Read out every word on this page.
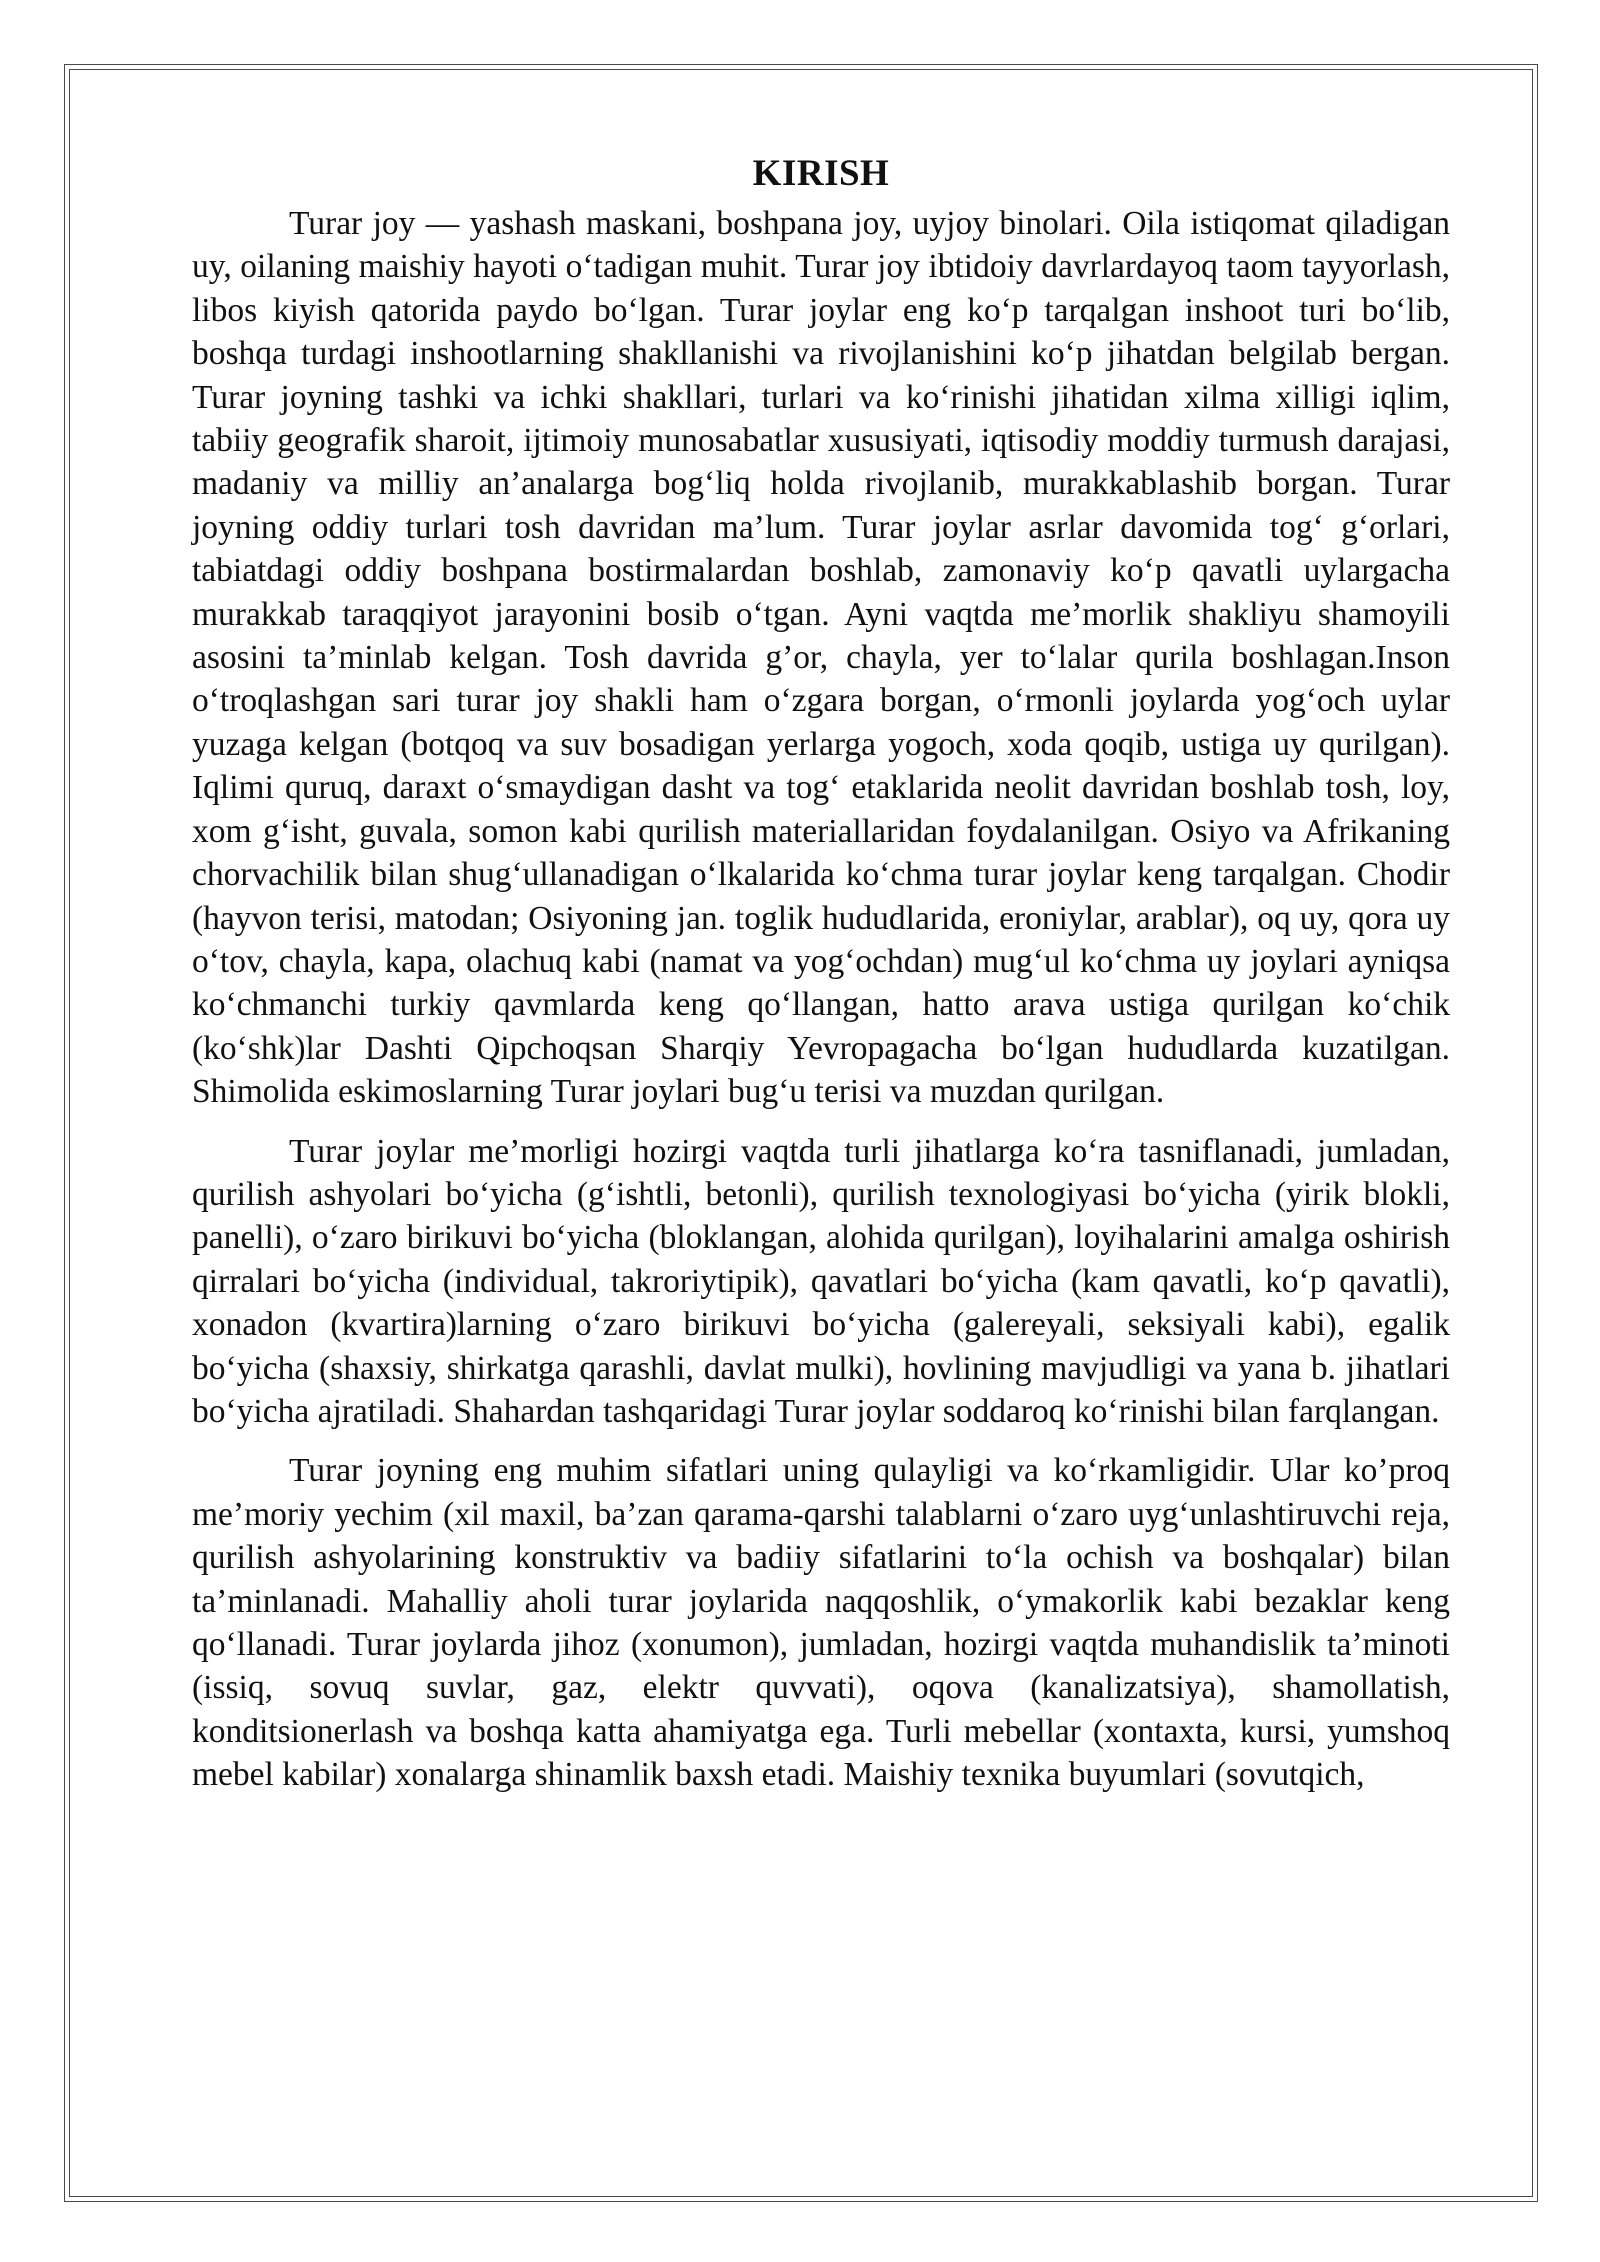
KIRISH

Turar joy — yashash maskani, boshpana joy, uyjoy binolari. Oila istiqomat qiladigan uy, oilaning maishiy hayoti oʻtadigan muhit. Turar joy ibtidoiy davrlardayoq taom tayyorlash, libos kiyish qatorida paydo boʻlgan. Turar joylar eng koʻp tarqalgan inshoot turi boʻlib, boshqa turdagi inshootlarning shakllanishi va rivojlanishini koʻp jihatdan belgilab bergan. Turar joyning tashki va ichki shakllari, turlari va koʻrinishi jihatidan xilma xilligi iqlim, tabiiy geografik sharoit, ijtimoiy munosabatlar xususiyati, iqtisodiy moddiy turmush darajasi, madaniy va milliy an’analarga bogʻliq holda rivojlanib, murakkablashib borgan. Turar joyning oddiy turlari tosh davridan ma’lum. Turar joylar asrlar davomida togʻ gʻorlari, tabiatdagi oddiy boshpana bostirmalardan boshlab, zamonaviy koʻp qavatli uylargacha murakkab taraqqiyot jarayonini bosib oʻtgan. Ayni vaqtda me’morlik shakliyu shamoyili asosini ta’minlab kelgan. Tosh davrida g’or, chayla, yer toʻlalar qurila boshlagan.Inson oʻtroqlashgan sari turar joy shakli ham oʻzgara borgan, oʻrmonli joylarda yogʻoch uylar yuzaga kelgan (botqoq va suv bosadigan yerlarga yogoch, xoda qoqib, ustiga uy qurilgan). Iqlimi quruq, daraxt oʻsmaydigan dasht va togʻ etaklarida neolit davridan boshlab tosh, loy, xom gʻisht, guvala, somon kabi qurilish materiallaridan foydalanilgan. Osiyo va Afrikaning chorvachilik bilan shugʻullanadigan oʻlkalarida koʻchma turar joylar keng tarqalgan. Chodir (hayvon terisi, matodan; Osiyoning jan. toglik hududlarida, eroniylar, arablar), oq uy, qora uy oʻtov, chayla, kapa, olachuq kabi (namat va yogʻochdan) mugʻul koʻchma uy joylari ayniqsa koʻchmanchi turkiy qavmlarda keng qoʻllangan, hatto arava ustiga qurilgan koʻchik (koʻshk)lar Dashti Qipchoqsan Sharqiy Yevropagacha boʻlgan hududlarda kuzatilgan. Shimolida eskimoslarning Turar joylari bugʻu terisi va muzdan qurilgan.

Turar joylar me’morligi hozirgi vaqtda turli jihatlarga koʻra tasniflanadi, jumladan, qurilish ashyolari boʻyicha (gʻishtli, betonli), qurilish texnologiyasi boʻyicha (yirik blokli, panelli), oʻzaro birikuvi boʻyicha (bloklangan, alohida qurilgan), loyihalarini amalga oshirish qirralari boʻyicha (individual, takroriytipik), qavatlari boʻyicha (kam qavatli, koʻp qavatli), xonadon (kvartira)larning oʻzaro birikuvi boʻyicha (galereyali, seksiyali kabi), egalik boʻyicha (shaxsiy, shirkatga qarashli, davlat mulki), hovlining mavjudligi va yana b. jihatlari boʻyicha ajratiladi. Shahardan tashqaridagi Turar joylar soddaroq koʻrinishi bilan farqlangan.

Turar joyning eng muhim sifatlari uning qulayligi va koʻrkamligidir. Ular ko’proq me’moriy yechim (xil maxil, ba’zan qarama-qarshi talablarni oʻzaro uygʻunlashtiruvchi reja, qurilish ashyolarining konstruktiv va badiiy sifatlarini toʻla ochish va boshqalar) bilan ta’minlanadi. Mahalliy aholi turar joylarida naqqoshlik, oʻymakorlik kabi bezaklar keng qoʻllanadi. Turar joylarda jihoz (xonumon), jumladan, hozirgi vaqtda muhandislik ta’minoti (issiq, sovuq suvlar, gaz, elektr quvvati), oqova (kanalizatsiya), shamollatish, konditsionerlash va boshqa katta ahamiyatga ega. Turli mebellar (xontaxta, kursi, yumshoq mebel kabilar) xonalarga shinamlik baxsh etadi. Maishiy texnika buyumlari (sovutqich,
